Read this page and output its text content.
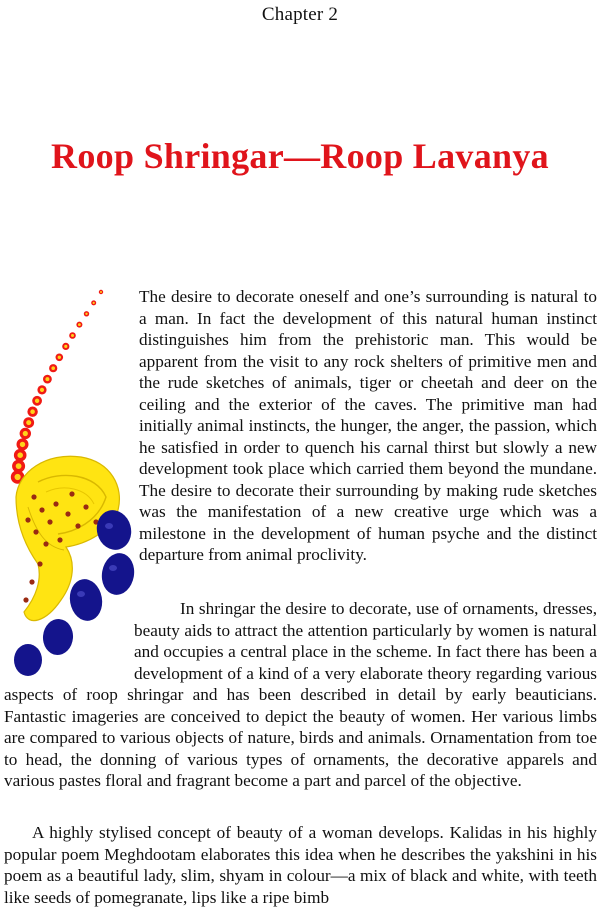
Chapter 2
Roop Shringar—Roop Lavanya

The desire to decorate oneself and one’s surrounding is natural to a man. In fact the development of this natural human instinct distinguishes him from the prehistoric man. This would be apparent from the visit to any rock shelters of primitive men and the rude sketches of animals, tiger or cheetah and deer on the ceiling and the exterior of the caves. The primitive man had initially animal instincts, the hunger, the anger, the passion, which he satisfied in order to quench his carnal thirst but slowly a new development took place which carried them beyond the mundane. The desire to decorate their surrounding by making rude sketches was the manifestation of a new creative urge which was a milestone in the development of human psyche and the distinct departure from animal proclivity.

In shringar the desire to decorate, use of ornaments, dresses, beauty aids to attract the attention particularly by women is natural and occupies a central place in the scheme. In fact there has been a development of a kind of a very elaborate theory regarding various aspects of roop shringar and has been described in detail by early beauticians. Fantastic imageries are conceived to depict the beauty of women. Her various limbs are compared to various objects of nature, birds and animals. Ornamentation from toe to head, the donning of various types of ornaments, the decorative apparels and various pastes floral and fragrant become a part and parcel of the objective.

A highly stylised concept of beauty of a woman develops. Kalidas in his highly popular poem Meghdootam elaborates this idea when he describes the yakshini in his poem as a beautiful lady, slim, shyam in colour—a mix of black and white, with teeth like seeds of pomegranate, lips like a ripe bimb
